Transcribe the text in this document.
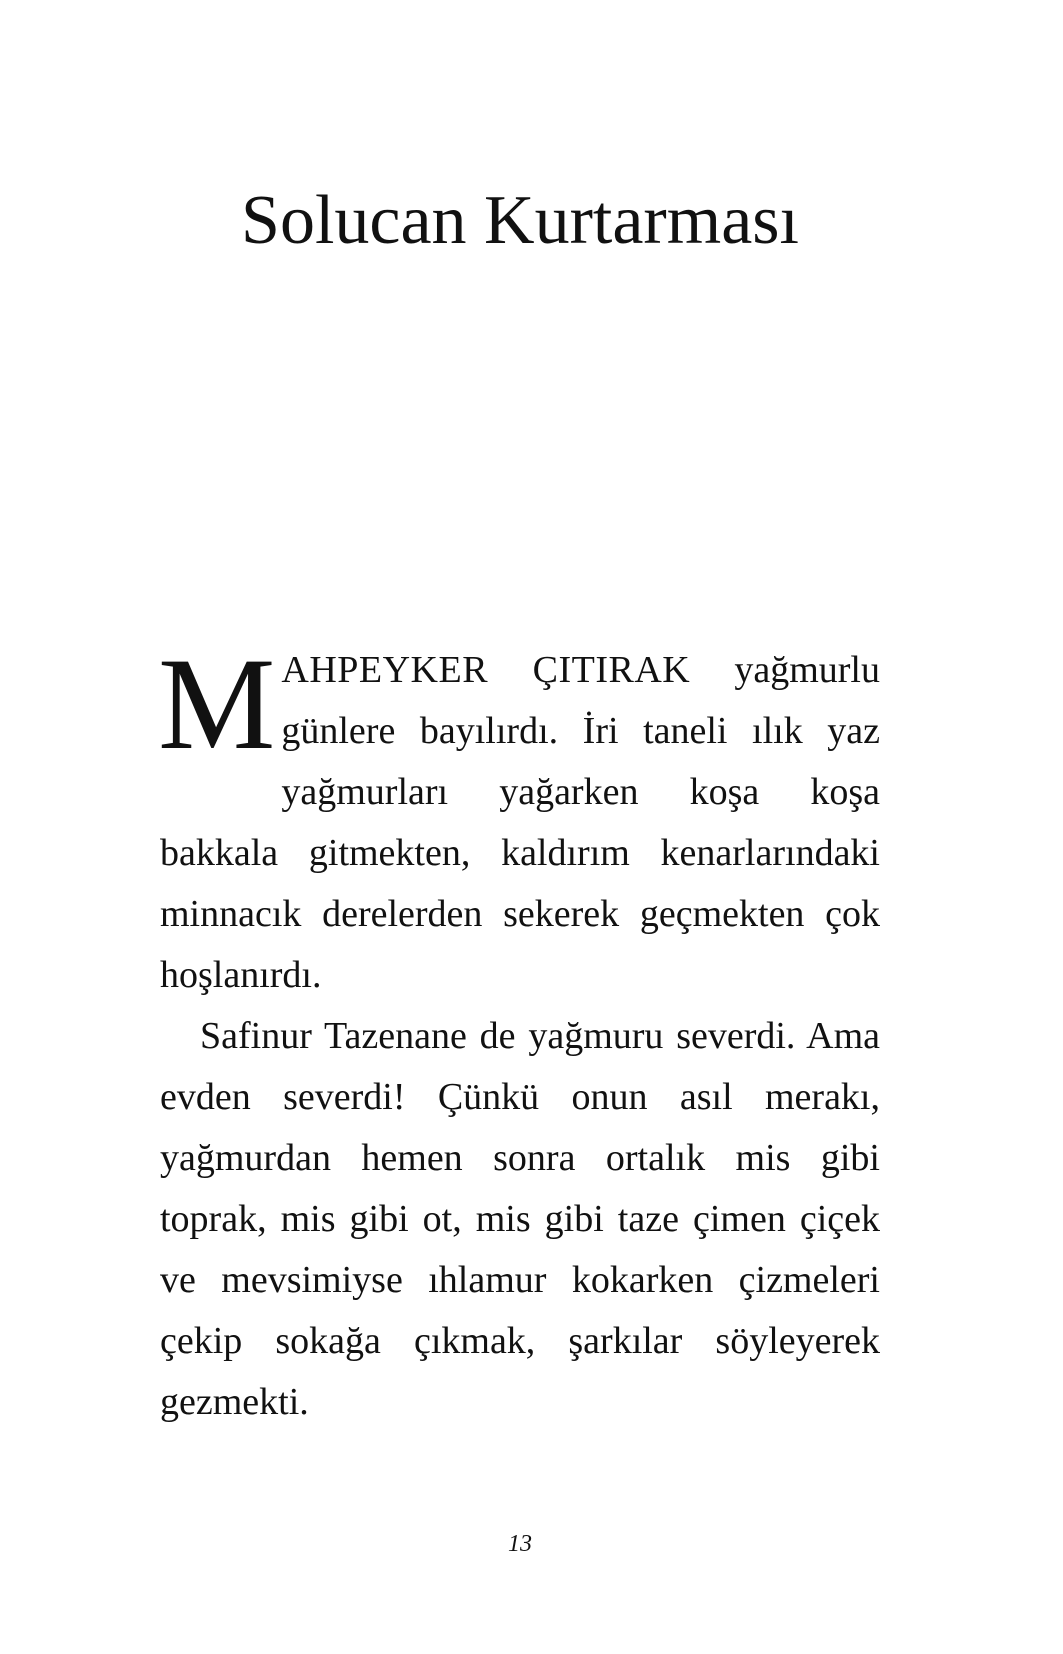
Solucan Kurtarması

MAHPEYKER ÇITIRAK yağmurlu günlere bayılırdı. İri taneli ılık yaz yağmurları yağarken koşa koşa bakkala gitmekten, kaldırım kenarlarındaki minnacık derelerden sekerek geçmekten çok hoşlanırdı.

Safinur Tazenane de yağmuru severdi. Ama evden severdi! Çünkü onun asıl merakı, yağmurdan hemen sonra ortalık mis gibi toprak, mis gibi ot, mis gibi taze çimen çiçek ve mevsimiyse ıhlamur kokarken çizmeleri çekip sokağa çıkmak, şarkılar söyleyerek gezmekti.

13
